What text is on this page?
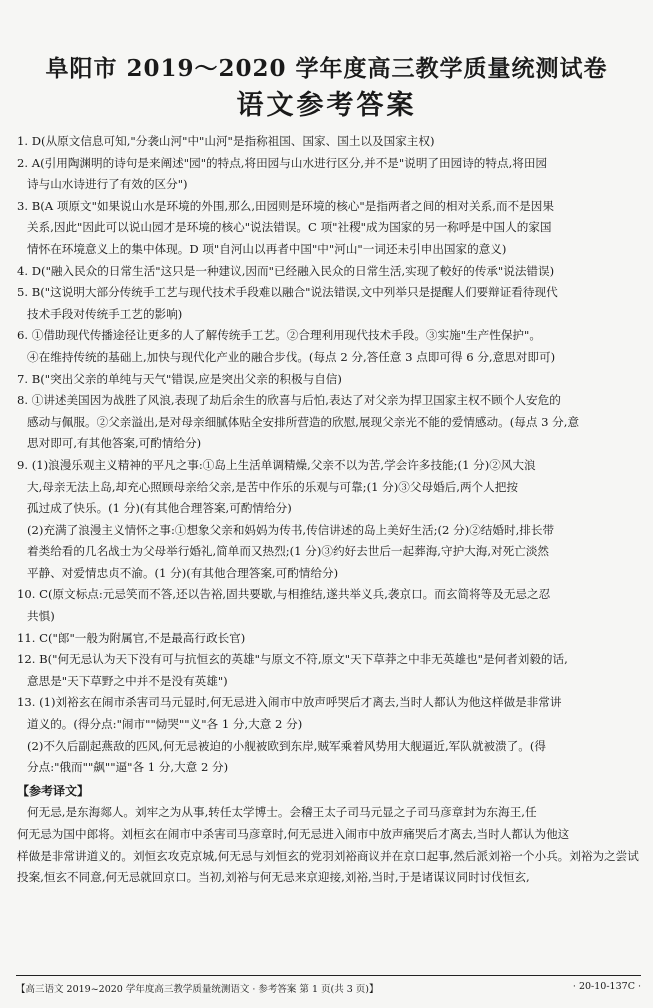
阜阳市 2019～2020 学年度高三教学质量统测试卷
语文参考答案

1. D(从原文信息可知,"分袭山河"中"山河"是指称祖国、国家、国土以及国家主权)

2. A(引用陶渊明的诗句是来阐述"园"的特点,将田园与山水进行区分,并不是"说明了田园诗的特点,将田园

诗与山水诗进行了有效的区分")

3. B(A 项原文"如果说山水是环境的外围,那么,田园则是环境的核心"是指两者之间的相对关系,而不是因果

关系,因此"因此可以说山园才是环境的核心"说法错误。C 项"社稷"成为国家的另一称呼是中国人的家国

情怀在环境意义上的集中体现。D 项"自河山以再者中国"中"河山"一词还未引申出国家的意义)

4. D("融入民众的日常生活"这只是一种建议,因而"已经融入民众的日常生活,实现了較好的传承"说法错误)

5. B("这说明大部分传统手工艺与现代技术手段难以融合"说法错误,文中列举只是提醒人们要辩证看待现代

技术手段对传统手工艺的影响)

6. ①借助现代传播途径让更多的人了解传统手工艺。②合理利用现代技术手段。③实施"生产性保护"。

④在维持传统的基础上,加快与现代化产业的融合步伐。(每点 2 分,答任意 3 点即可得 6 分,意思对即可)

7. B("突出父亲的单纯与天气"错误,应是突出父亲的积极与自信)

8. ①讲述美国因为战胜了风浪,表现了劫后余生的欣喜与后怕,表达了对父亲为捍卫国家主权不顾个人安危的

感动与佩服。②父亲溢出,是对母亲细腻体贴全安排所营造的欣慰,展现父亲光不能的爱情感动。(每点 3 分,意

思对即可,有其他答案,可酌情给分)

9. (1)浪漫乐观主义精神的平凡之事:①岛上生活单调精燥,父亲不以为苦,学会许多技能;(1 分)②风大浪

大,母亲无法上岛,却充心照顾母亲给父亲,是苦中作乐的乐观与可靠;(1 分)③父母婚后,两个人把按

孤过成了快乐。(1 分)(有其他合理答案,可酌情给分)

(2)充满了浪漫主义情怀之事:①想象父亲和妈妈为传书,传信讲述的岛上美好生活;(2 分)②结婚时,排长带

着类给看的几名战士为父母举行婚礼,简单而又热烈;(1 分)③约好去世后一起葬海,守护大海,对死亡淡然

平静、对爱情忠贞不渝。(1 分)(有其他合理答案,可酌情给分)

10. C(原文标点:元忌笑而不答,还以告裕,固共要歇,与相推结,遂共举义兵,袭京口。而玄简将等及无忌之忍

共惧)

11. C("郎"一般为附属官,不是最高行政长官)

12. B("何无忌认为天下没有可与抗恒玄的英雄"与原文不符,原文"天下草莽之中非无英雄也"是何者刘毅的话,

意思是"天下草野之中并不是没有英雄")

13. (1)刘裕玄在闹市杀害司马元显时,何无忌进入闹市中放声呼哭后才离去,当时人都认为他这样做是非常讲

道义的。(得分点:"闹市""恸哭""义"各 1 分,大意 2 分)

(2)不久后副起燕敌的匹风,何无忌被迫的小舰被欧到东岸,贼军乘着风势用大舰逼近,军队就被溃了。(得

分点:"俄而""飙""逼"各 1 分,大意 2 分)

【参考译文】

何无忌,是东海郯人。刘牢之为从事,转任太学博士。会稽王太子司马元显之子司马彦章封为东海王,任

何无忌为国中郎将。刘桓玄在闹市中杀害司马彦章时,何无忌进入闹市中放声痛哭后才离去,当时人都认为他这

样做是非常讲道义的。刘恒玄攻克京城,何无忌与刘恒玄的党羽刘裕商议并在京口起事,然后派刘裕一个小兵。刘裕为之尝试

投案,恒玄不同意,何无忌就回京口。当初,刘裕与何无忌来京迎接,刘裕,当时,于是诸谋议同时讨伐恒玄,

【高三语文 2019~2020 学年度高三教学质量统测语文 · 参考答案 第 1 页(共 3 页)】	· 20-10-137C ·
